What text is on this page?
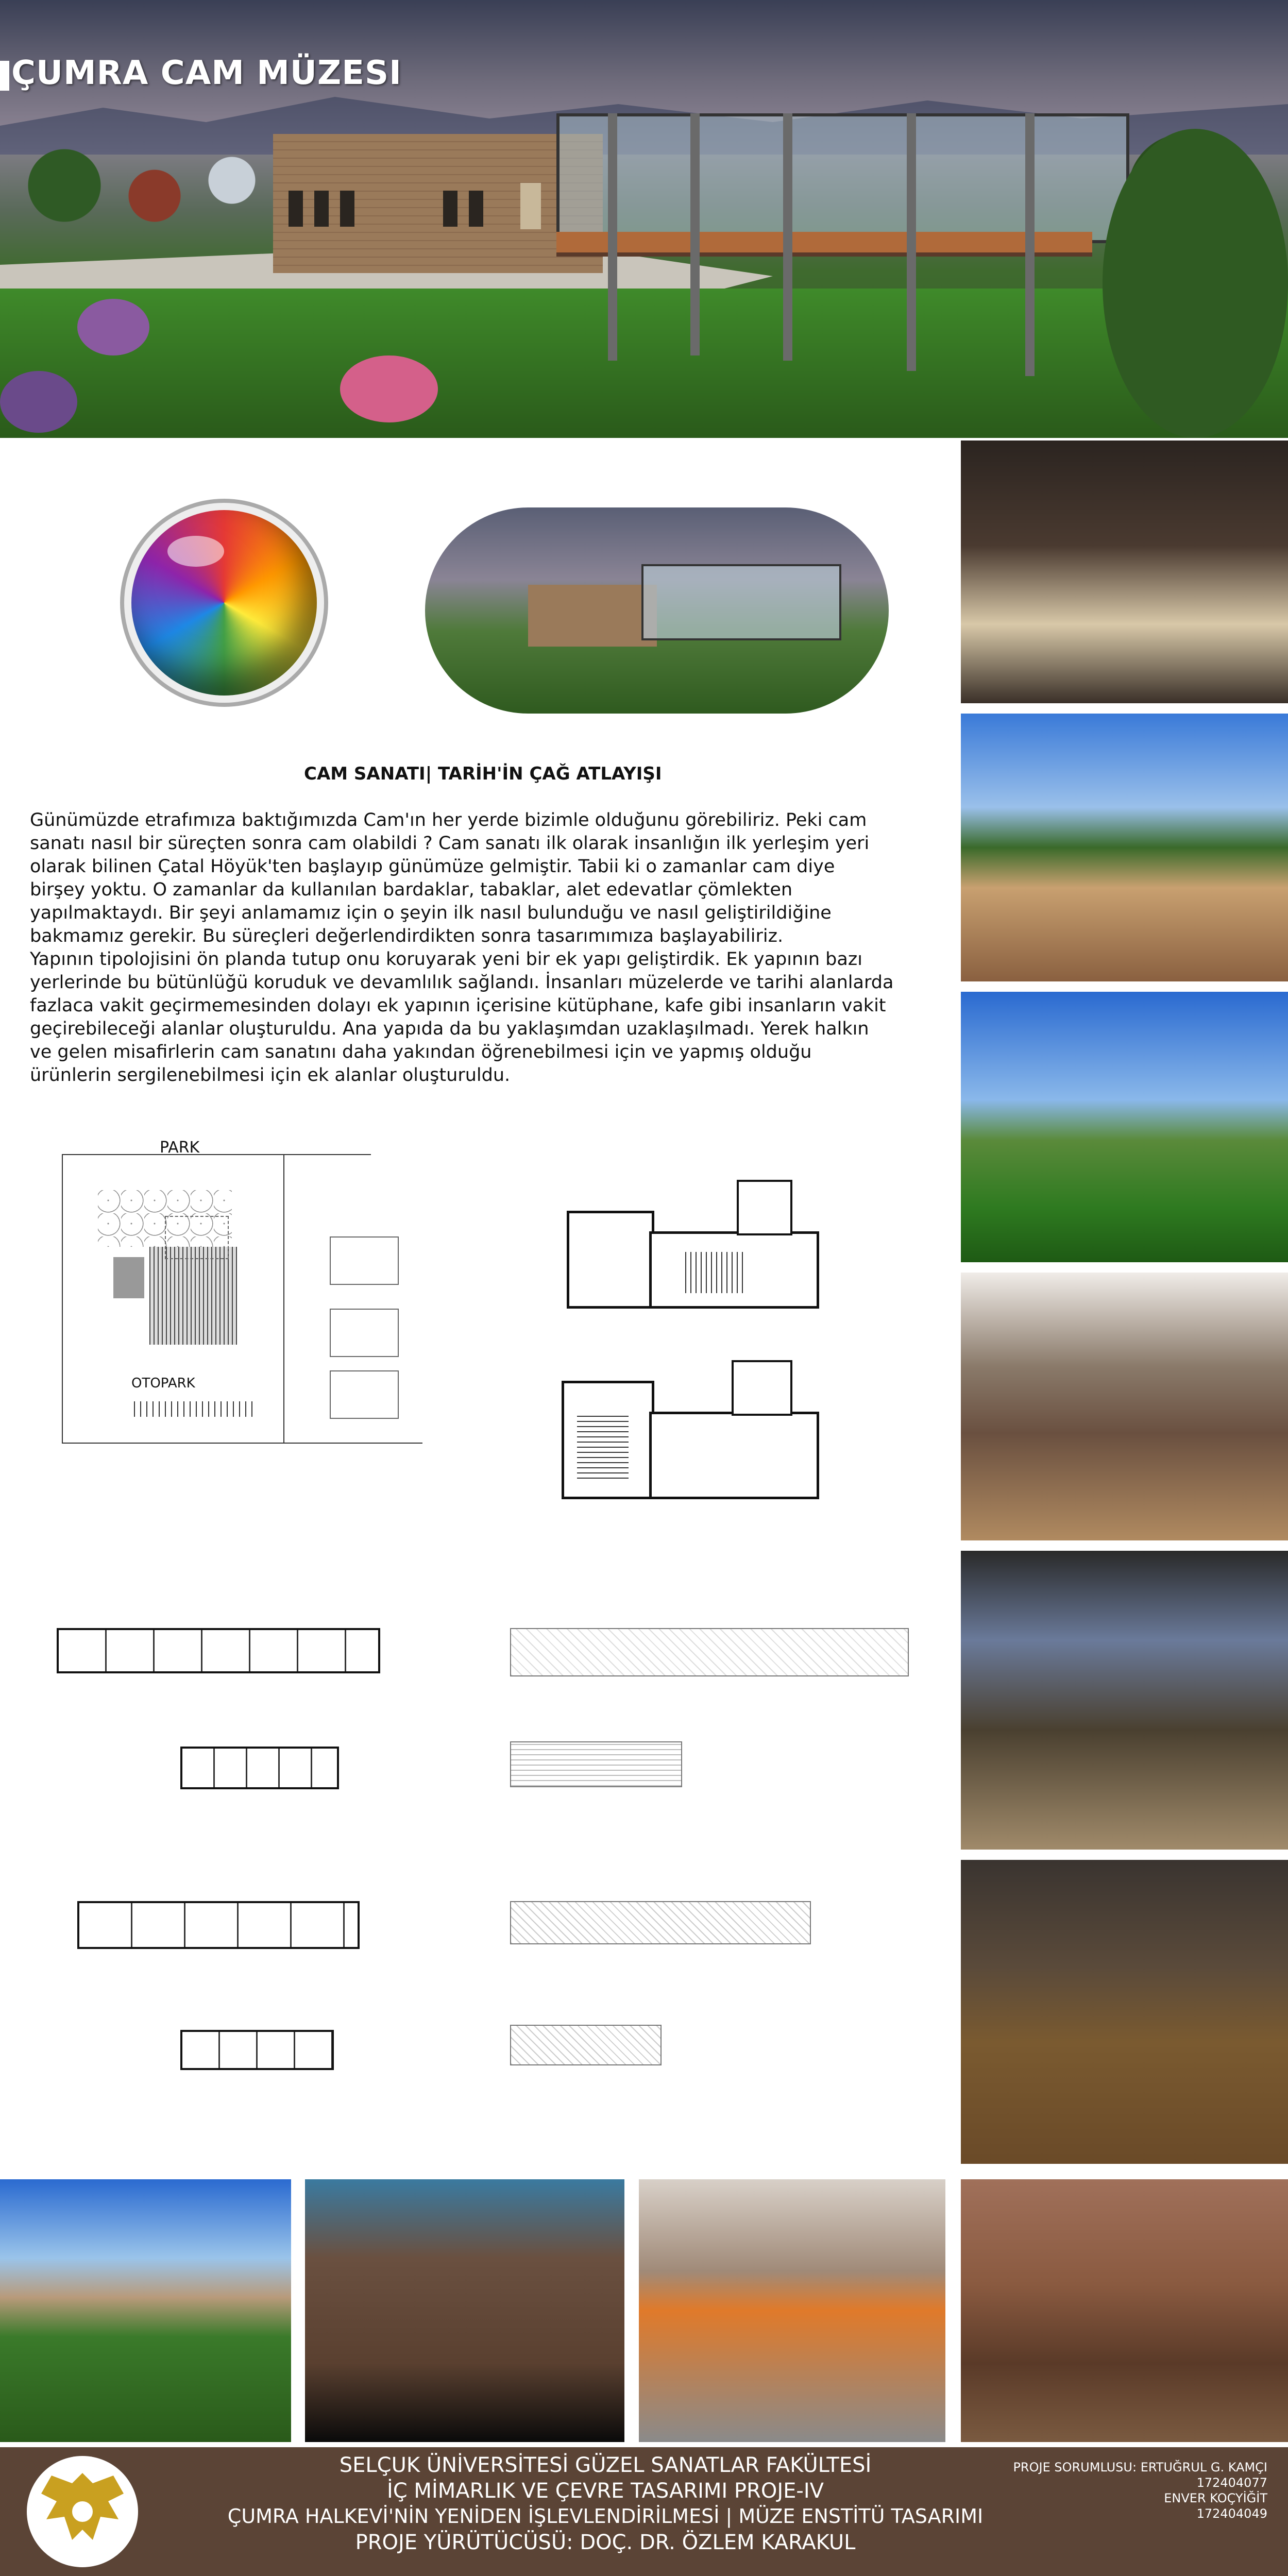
ÇUMRA CAM MÜZESI
CAM SANATI| TARİH'İN ÇAĞ ATLAYIŞI

Günümüzde etrafımıza baktığımızda Cam'ın her yerde bizimle olduğunu görebiliriz. Peki cam sanatı nasıl bir süreçten sonra cam olabildi ? Cam sanatı ilk olarak insanlığın ilk yerleşim yeri olarak bilinen Çatal Höyük'ten başlayıp günümüze gelmiştir. Tabii ki o zamanlar cam diye birşey yoktu. O zamanlar da kullanılan bardaklar, tabaklar, alet edevatlar çömlekten yapılmaktaydı. Bir şeyi anlamamız için o şeyin ilk nasıl bulunduğu ve nasıl geliştirildiğine bakmamız gerekir. Bu süreçleri değerlendirdikten sonra tasarımımıza başlayabiliriz.

Yapının tipolojisini ön planda tutup onu koruyarak yeni bir ek yapı geliştirdik. Ek yapının bazı yerlerinde bu bütünlüğü koruduk ve devamlılık sağlandı. İnsanları müzelerde ve tarihi alanlarda fazlaca vakit geçirmemesinden dolayı ek yapının içerisine kütüphane, kafe gibi insanların vakit geçirebileceği alanlar oluşturuldu. Ana yapıda da bu yaklaşımdan uzaklaşılmadı. Yerek halkın ve gelen misafirlerin cam sanatını daha yakından öğrenebilmesi için ve yapmış olduğu ürünlerin sergilenebilmesi için ek alanlar oluşturuldu.

PARK
OTOPARK
SELÇUK ÜNİVERSİTESİ GÜZEL SANATLAR FAKÜLTESİ
İÇ MİMARLIK VE ÇEVRE TASARIMI PROJE-IV
ÇUMRA HALKEVİ'NİN YENİDEN İŞLEVLENDİRİLMESİ | MÜZE ENSTİTÜ TASARIMI
PROJE YÜRÜTÜCÜSÜ: DOÇ. DR. ÖZLEM KARAKUL
PROJE SORUMLUSU: ERTUĞRUL G. KAMÇI
172404077
ENVER KOÇYİĞİT
172404049
